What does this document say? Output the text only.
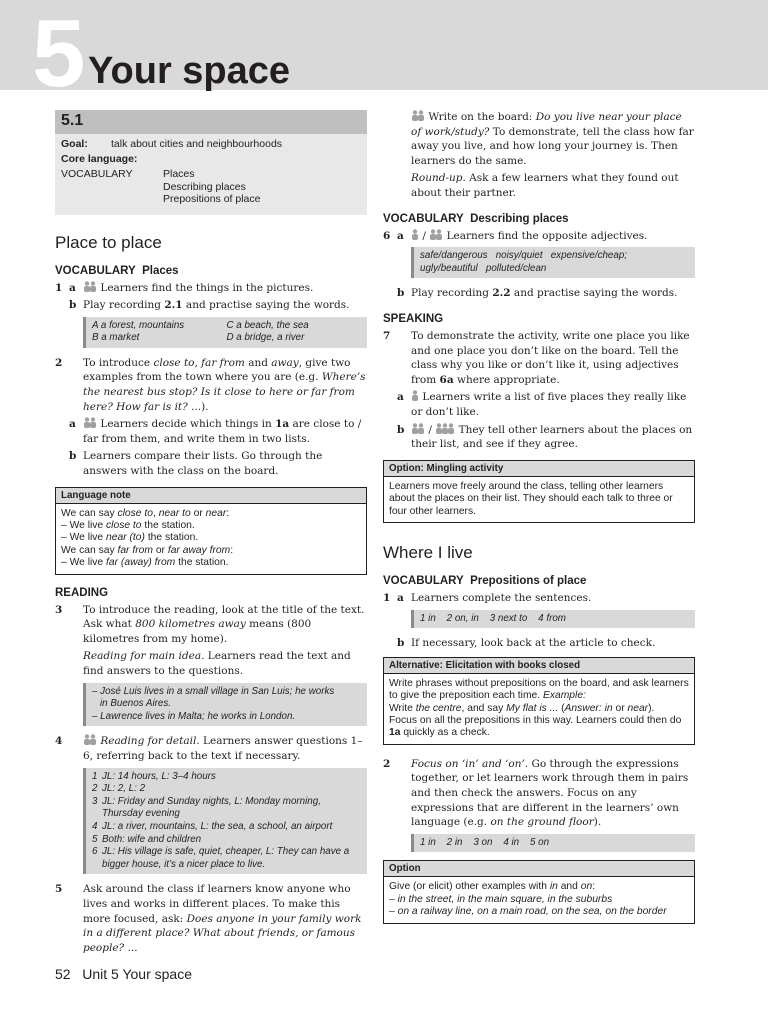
5 Your space
5.1
Goal:	talk about cities and neighbourhoods
Core language:
VOCABULARY	Places
Describing places
Prepositions of place
Place to place
VOCABULARY Places
1 a	Learners find the things in the pictures.
b Play recording 2.1 and practise saying the words.
A a forest, mountains	C a beach, the sea
B a market	D a bridge, a river
2	To introduce close to, far from and away, give two examples from the town where you are (e.g. Where’s the nearest bus stop? Is it close to here or far from here? How far is it? ...).
a	Learners decide which things in 1a are close to / far from them, and write them in two lists.
b Learners compare their lists. Go through the answers with the class on the board.
Language note
We can say close to, near to or near:
– We live close to the station.
– We live near (to) the station.
We can say far from or far away from:
– We live far (away) from the station.
READING
3	To introduce the reading, look at the title of the text. Ask what 800 kilometres away means (800 kilometres from my home).
Reading for main idea. Learners read the text and find answers to the questions.
– José Luis lives in a small village in San Luis; he works
in Buenos Aires.
– Lawrence lives in Malta; he works in London.
4	Reading for detail. Learners answer questions 1–6, referring back to the text if necessary.
1 JL: 14 hours, L: 3–4 hours
2 JL: 2, L: 2
3 JL: Friday and Sunday nights, L: Monday morning, Thursday evening
4 JL: a river, mountains, L: the sea, a school, an airport
5 Both: wife and children
6 JL: His village is safe, quiet, cheaper, L: They can have a bigger house, it’s a nicer place to live.
5	Ask around the class if learners know anyone who lives and works in different places. To make this more focused, ask: Does anyone in your family work in a different place? What about friends, or famous people? ...
Write on the board: Do you live near your place of work/study? To demonstrate, tell the class how far away you live, and how long your journey is. Then learners do the same.
Round-up. Ask a few learners what they found out about their partner.
VOCABULARY Describing places
6 a	/  Learners find the opposite adjectives.
safe/dangerous noisy/quiet expensive/cheap;
ugly/beautiful polluted/clean
b Play recording 2.2 and practise saying the words.
SPEAKING
7	To demonstrate the activity, write one place you like and one place you don’t like on the board. Tell the class why you like or don’t like it, using adjectives from 6a where appropriate.
a	Learners write a list of five places they really like or don’t like.
b	/  They tell other learners about the places on their list, and see if they agree.
Option: Mingling activity
Learners move freely around the class, telling other learners about the places on their list. They should each talk to three or four other learners.
Where I live
VOCABULARY Prepositions of place
1 a Learners complete the sentences.
1 in    2 on, in    3 next to    4 from
b If necessary, look back at the article to check.
Alternative: Elicitation with books closed
Write phrases without prepositions on the board, and ask learners to give the preposition each time. Example:
Write the centre, and say My flat is ... (Answer: in or near).
Focus on all the prepositions in this way. Learners could then do 1a quickly as a check.
2	Focus on ‘in’ and ‘on’. Go through the expressions together, or let learners work through them in pairs and then check the answers. Focus on any expressions that are different in the learners’ own language (e.g. on the ground floor).
1 in    2 in    3 on    4 in    5 on
Option
Give (or elicit) other examples with in and on:
– in the street, in the main square, in the suburbs
– on a railway line, on a main road, on the sea, on the border
52 Unit 5 Your space
